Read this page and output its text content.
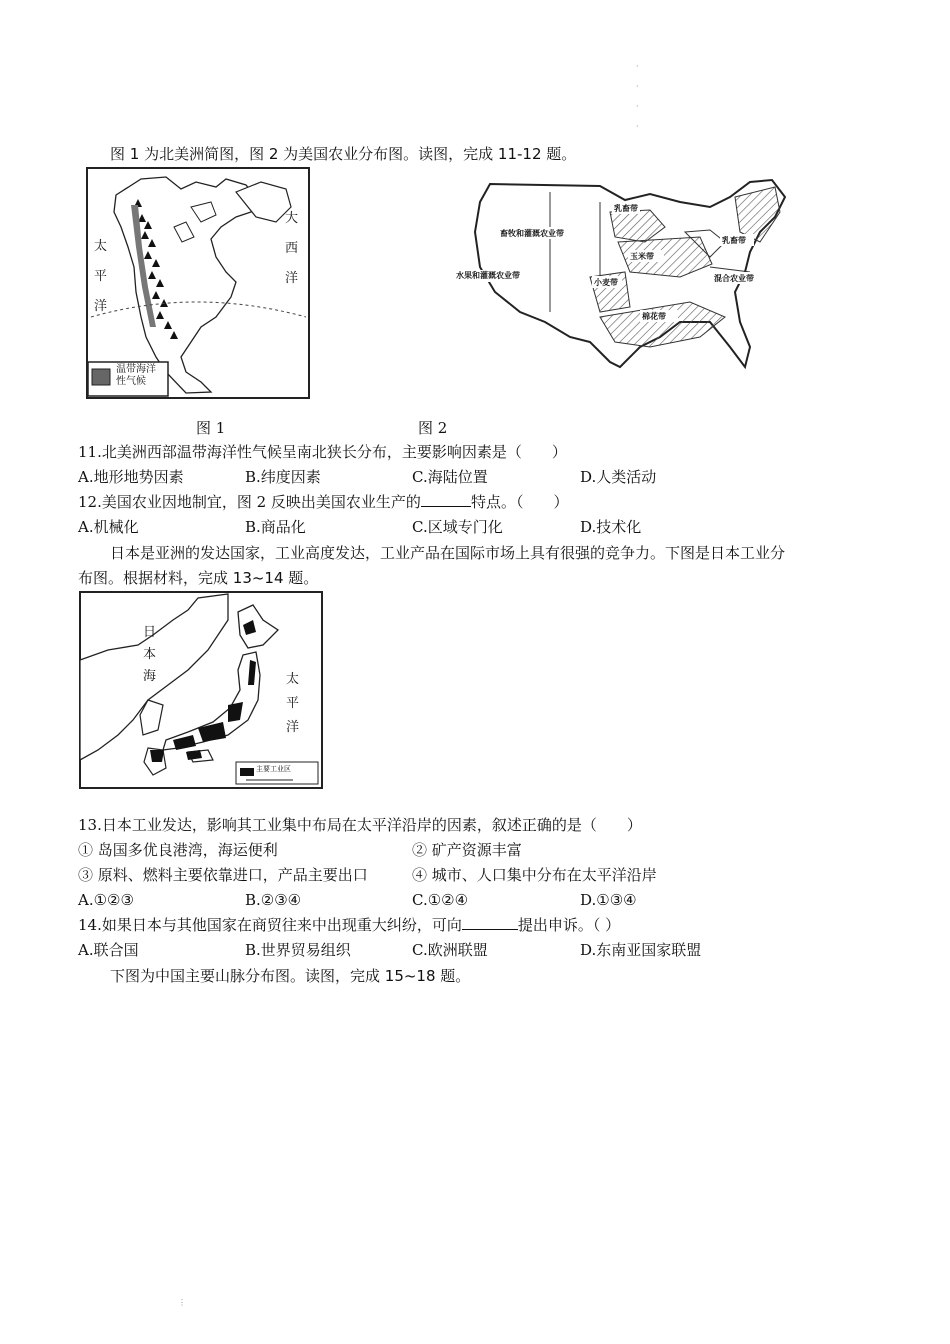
·

·

·

·
⋮
图 1 为北美洲简图，图 2 为美国农业分布图。读图，完成 11-12 题。
太
平
洋
大
西
洋
温带海洋
性气候
畜牧和灌溉农业带
乳畜带
玉米带
乳畜带
小麦带	混合农业带
棉花带
水果和灌溉农业带
图 1	图 2
11.北美洲西部温带海洋性气候呈南北狭长分布，主要影响因素是（　　）
A.地形地势因素	B.纬度因素	C.海陆位置	D.人类活动
12.美国农业因地制宜，图 2 反映出美国农业生产的	特点。（　　）
A.机械化	B.商品化	C.区域专门化	D.技术化
日本是亚洲的发达国家，工业高度发达，工业产品在国际市场上具有很强的竞争力。下图是日本工业分
布图。根据材料，完成 13~14 题。
日
本
海	太
平
洋
主要工业区
13.日本工业发达，影响其工业集中布局在太平洋沿岸的因素，叙述正确的是（　　）
① 岛国多优良港湾，海运便利	② 矿产资源丰富
③ 原料、燃料主要依靠进口，产品主要出口	④ 城市、人口集中分布在太平洋沿岸
A.①②③	B.②③④	C.①②④	D.①③④
14.如果日本与其他国家在商贸往来中出现重大纠纷，可向	提出申诉。（ ）
A.联合国	B.世界贸易组织	C.欧洲联盟	D.东南亚国家联盟
下图为中国主要山脉分布图。读图，完成 15~18 题。
